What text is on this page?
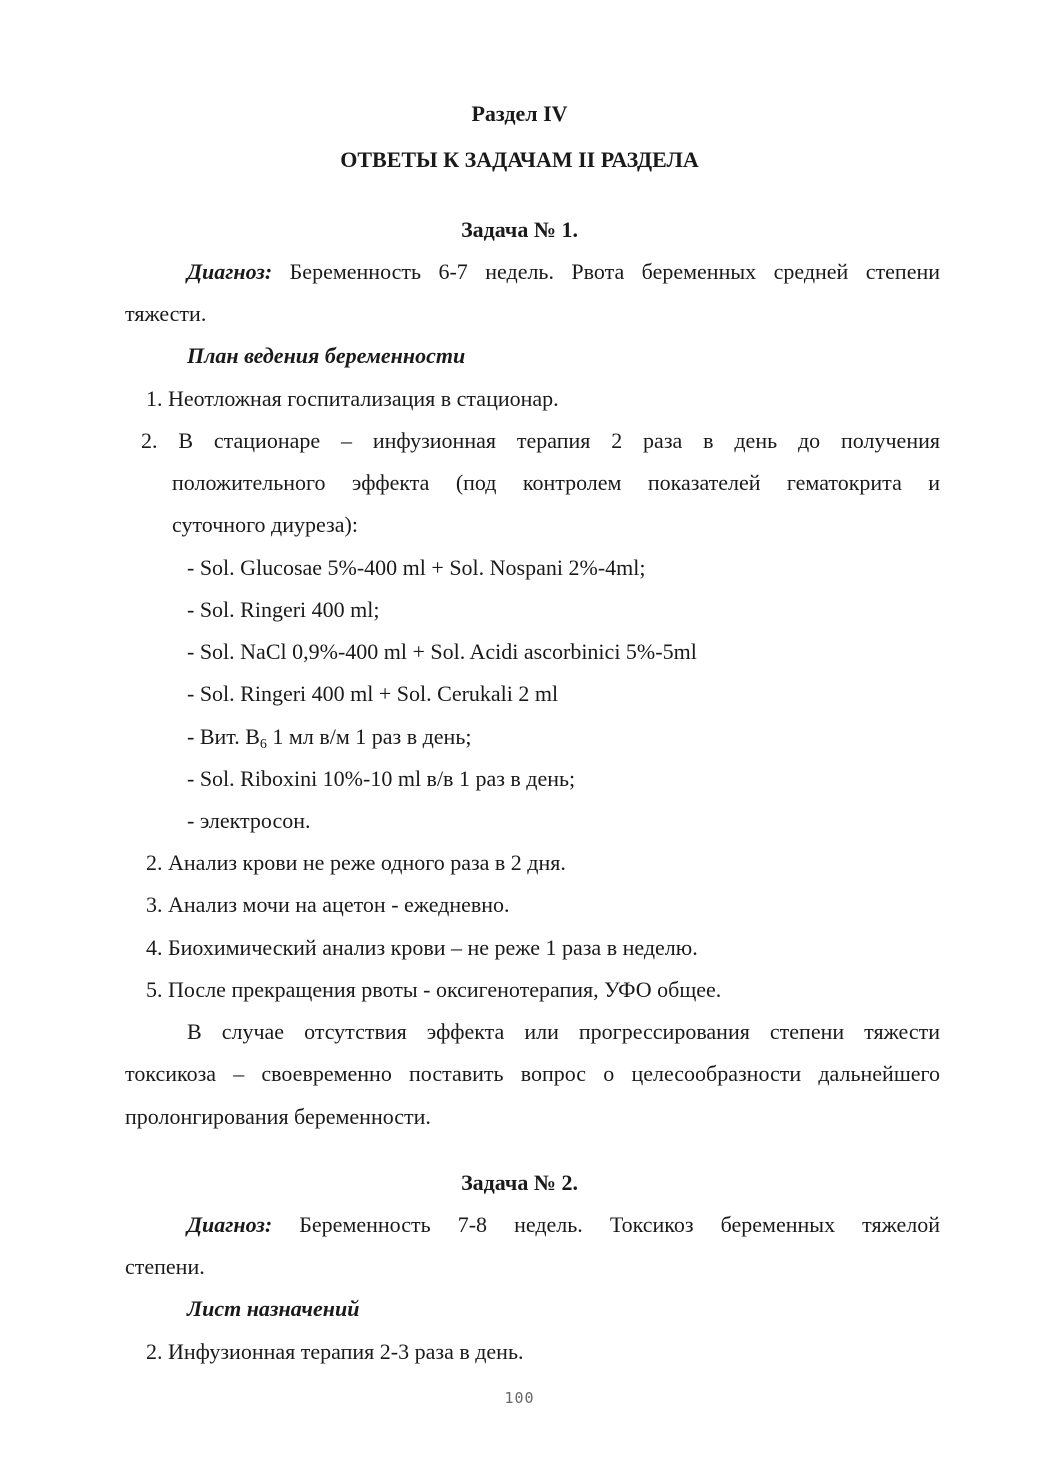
Раздел IV
ОТВЕТЫ К ЗАДАЧАМ II РАЗДЕЛА
Задача № 1.
Диагноз: Беременность 6-7 недель. Рвота беременных средней степени
тяжести.
План ведения беременности
1. Неотложная госпитализация в стационар.
2. В стационаре – инфузионная терапия 2 раза в день до получения
положительного эффекта (под контролем показателей гематокрита и
суточного диуреза):
- Sol. Glucosae 5%-400 ml + Sol. Nospani 2%-4ml;
- Sol. Ringeri 400 ml;
- Sol. NaCl 0,9%-400 ml + Sol. Acidi ascorbinici 5%-5ml
- Sol. Ringeri 400 ml + Sol. Cerukali 2 ml
- Вит. $B_6$ 1 мл в/м 1 раз в день;
- Sol. Riboxini 10%-10 ml в/в 1 раз в день;
- электросон.
2. Анализ крови не реже одного раза в 2 дня.
3. Анализ мочи на ацетон - ежедневно.
4. Биохимический анализ крови – не реже 1 раза в неделю.
5. После прекращения рвоты - оксигенотерапия, УФО общее.
В случае отсутствия эффекта или прогрессирования степени тяжести
токсикоза – своевременно поставить вопрос о целесообразности дальнейшего
пролонгирования беременности.
Задача № 2.
Диагноз: Беременность 7-8 недель. Токсикоз беременных тяжелой
степени.
Лист назначений
2. Инфузионная терапия 2-3 раза в день.
100
